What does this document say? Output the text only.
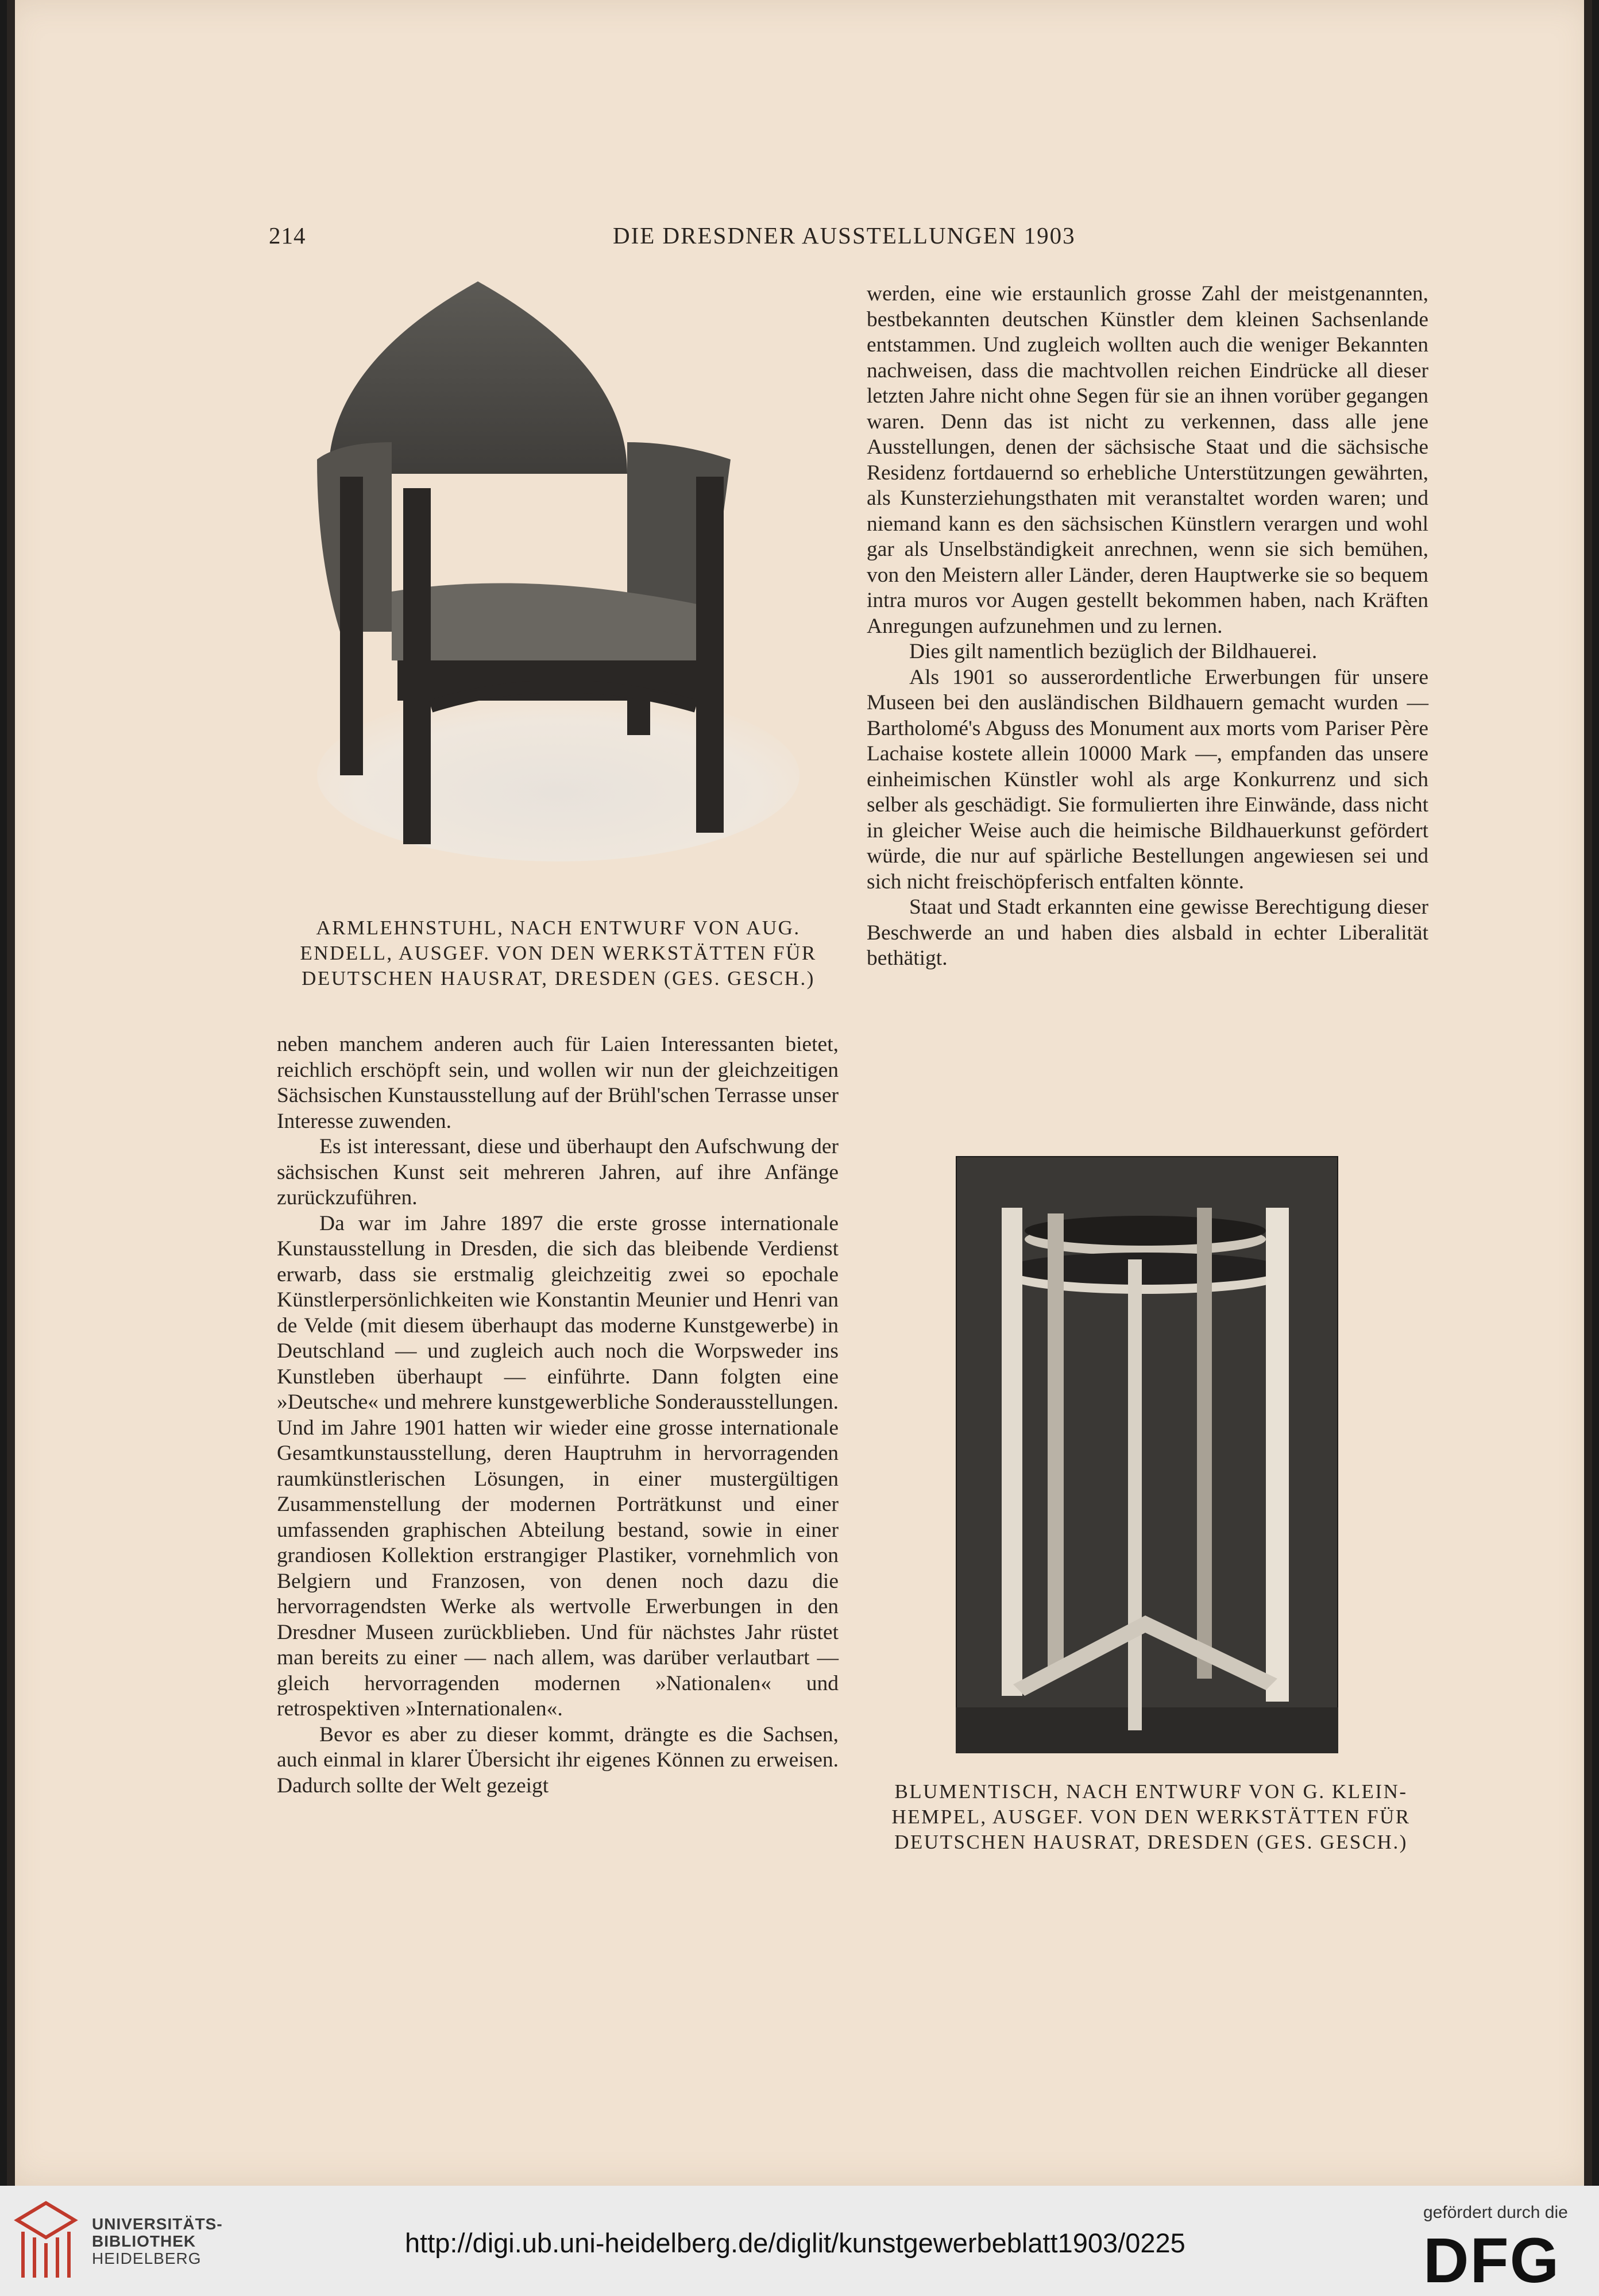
214	DIE DRESDNER AUSSTELLUNGEN 1903
ARMLEHNSTUHL, NACH ENTWURF VON AUG.
ENDELL, AUSGEF. VON DEN WERKSTÄTTEN FÜR
DEUTSCHEN HAUSRAT, DRESDEN (GES. GESCH.)

neben manchem anderen auch für Laien Interessanten bietet, reichlich erschöpft sein, und wollen wir nun der gleichzeitigen Sächsischen Kunstausstellung auf der Brühl'schen Terrasse unser Interesse zuwenden.

Es ist interessant, diese und überhaupt den Aufschwung der sächsischen Kunst seit mehreren Jahren, auf ihre Anfänge zurückzuführen.

Da war im Jahre 1897 die erste grosse internationale Kunstausstellung in Dresden, die sich das bleibende Verdienst erwarb, dass sie erstmalig gleichzeitig zwei so epochale Künstlerpersönlichkeiten wie Konstantin Meunier und Henri van de Velde (mit diesem überhaupt das moderne Kunstgewerbe) in Deutschland — und zugleich auch noch die Worpsweder ins Kunstleben überhaupt — einführte. Dann folgten eine »Deutsche« und mehrere kunstgewerbliche Sonderausstellungen. Und im Jahre 1901 hatten wir wieder eine grosse internationale Gesamtkunstausstellung, deren Hauptruhm in hervorragenden raumkünstlerischen Lösungen, in einer mustergültigen Zusammenstellung der modernen Porträtkunst und einer umfassenden graphischen Abteilung bestand, sowie in einer grandiosen Kollektion erstrangiger Plastiker, vornehmlich von Belgiern und Franzosen, von denen noch dazu die hervorragendsten Werke als wertvolle Erwerbungen in den Dresdner Museen zurückblieben. Und für nächstes Jahr rüstet man bereits zu einer — nach allem, was darüber verlautbart — gleich hervorragenden modernen »Nationalen« und retrospektiven »Internationalen«.

Bevor es aber zu dieser kommt, drängte es die Sachsen, auch einmal in klarer Übersicht ihr eigenes Können zu erweisen. Dadurch sollte der Welt gezeigt

werden, eine wie erstaunlich grosse Zahl der meistgenannten, bestbekannten deutschen Künstler dem kleinen Sachsenlande entstammen. Und zugleich wollten auch die weniger Bekannten nachweisen, dass die machtvollen reichen Eindrücke all dieser letzten Jahre nicht ohne Segen für sie an ihnen vorüber gegangen waren. Denn das ist nicht zu verkennen, dass alle jene Ausstellungen, denen der sächsische Staat und die sächsische Residenz fortdauernd so erhebliche Unterstützungen gewährten, als Kunsterziehungsthaten mit veranstaltet worden waren; und niemand kann es den sächsischen Künstlern verargen und wohl gar als Unselbständigkeit anrechnen, wenn sie sich bemühen, von den Meistern aller Länder, deren Hauptwerke sie so bequem intra muros vor Augen gestellt bekommen haben, nach Kräften Anregungen aufzunehmen und zu lernen.

Dies gilt namentlich bezüglich der Bildhauerei.

Als 1901 so ausserordentliche Erwerbungen für unsere Museen bei den ausländischen Bildhauern gemacht wurden — Bartholomé's Abguss des Monument aux morts vom Pariser Père Lachaise kostete allein 10000 Mark —, empfanden das unsere einheimischen Künstler wohl als arge Konkurrenz und sich selber als geschädigt. Sie formulierten ihre Einwände, dass nicht in gleicher Weise auch die heimische Bildhauerkunst gefördert würde, die nur auf spärliche Bestellungen angewiesen sei und sich nicht freischöpferisch entfalten könnte.

Staat und Stadt erkannten eine gewisse Berechtigung dieser Beschwerde an und haben dies alsbald in echter Liberalität bethätigt.

BLUMENTISCH, NACH ENTWURF VON G. KLEIN-
HEMPEL, AUSGEF. VON DEN WERKSTÄTTEN FÜR
DEUTSCHEN HAUSRAT, DRESDEN (GES. GESCH.)
UNIVERSITÄTS-
BIBLIOTHEK
HEIDELBERG
http://digi.ub.uni-heidelberg.de/diglit/kunstgewerbeblatt1903/0225
gefördert durch die
DFG
